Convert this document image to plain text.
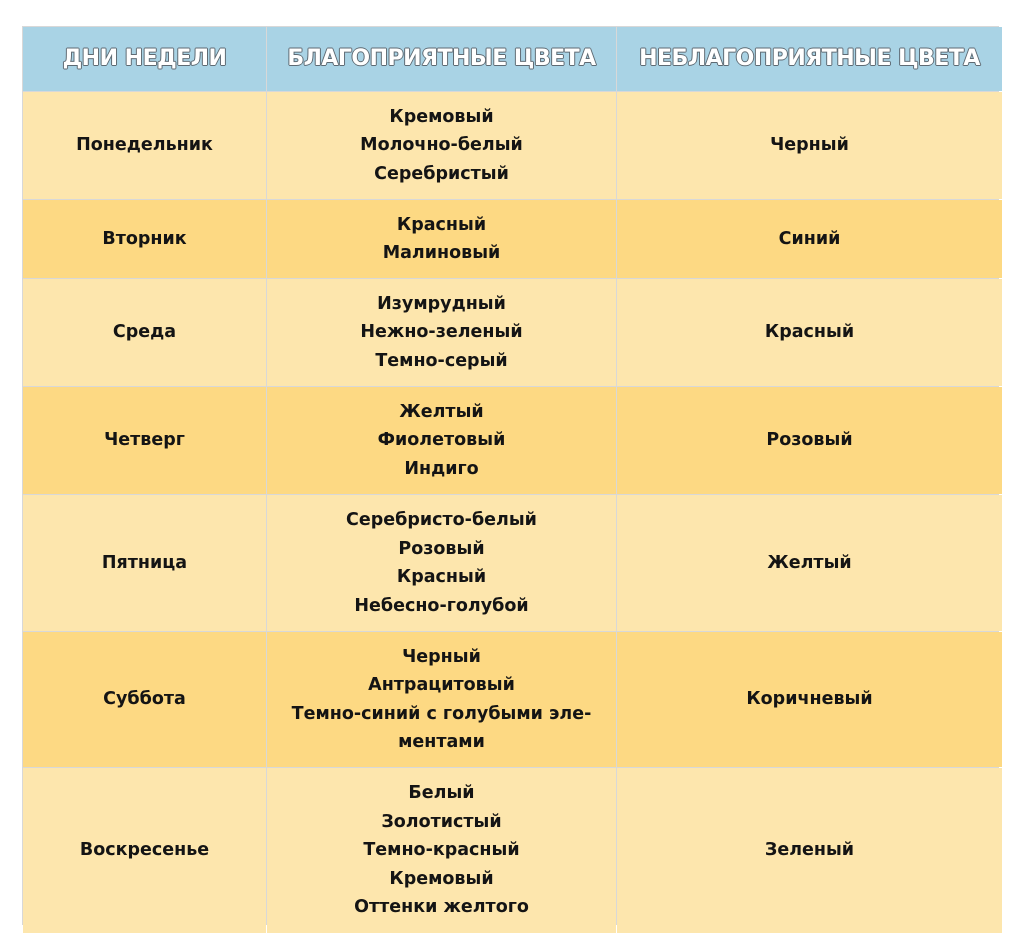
ДНИ НЕДЕЛИ	БЛАГОПРИЯТНЫЕ ЦВЕТА	НЕБЛАГОПРИЯТНЫЕ ЦВЕТА
Понедельник
Кремовый
Молочно-белый
Серебристый
Черный
Вторник
Красный
Малиновый
Синий
Среда
Изумрудный
Нежно-зеленый
Темно-серый
Красный
Четверг
Желтый
Фиолетовый
Индиго
Розовый
Пятница
Серебристо-белый
Розовый
Красный
Небесно-голубой
Желтый
Суббота
Черный
Антрацитовый
Темно-синий с голубыми эле-
ментами
Коричневый
Воскресенье
Белый
Золотистый
Темно-красный
Кремовый
Оттенки желтого
Зеленый
